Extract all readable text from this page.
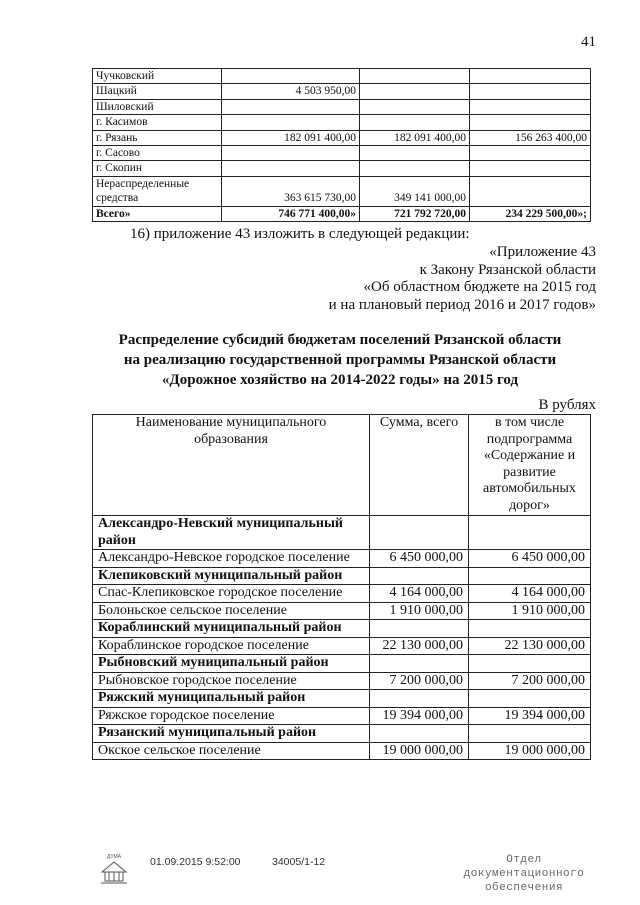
41
Чучковский			
Шацкий	4 503 950,00		
Шиловский			
г. Касимов			
г. Рязань	182 091 400,00	182 091 400,00	156 263 400,00
г. Сасово			
г. Скопин			

Нераспределенные
средства	363 615 730,00	349 141 000,00	
Всего»	746 771 400,00»	721 792 720,00	234 229 500,00»;
16) приложение 43 изложить в следующей редакции:
«Приложение 43
к Закону Рязанской области
«Об областном бюджете на 2015 год
и на плановый период 2016 и 2017 годов»
Распределение субсидий бюджетам поселений Рязанской области
на реализацию государственной программы Рязанской области
«Дорожное хозяйство на 2014-2022 годы» на 2015 год
В рублях
Наименование муниципального образования	Сумма, всего	в том числе подпрограмма «Содержание и развитие автомобильных дорог»
Александро-Невский муниципальный район		
Александро-Невское городское поселение	6 450 000,00	6 450 000,00
Клепиковский муниципальный район		
Спас-Клепиковское городское поселение	4 164 000,00	4 164 000,00
Болоньское сельское поселение	1 910 000,00	1 910 000,00
Кораблинский муниципальный район		
Кораблинское городское поселение	22 130 000,00	22 130 000,00
Рыбновский муниципальный район		
Рыбновское городское поселение	7 200 000,00	7 200 000,00
Ряжский муниципальный район		
Ряжское городское поселение	19 394 000,00	19 394 000,00
Рязанский муниципальный район		
Окское сельское поселение	19 000 000,00	19 000 000,00
ДУМА	01.09.2015 9:52:00	34005/1-12	Отдел документационного
обеспечения
